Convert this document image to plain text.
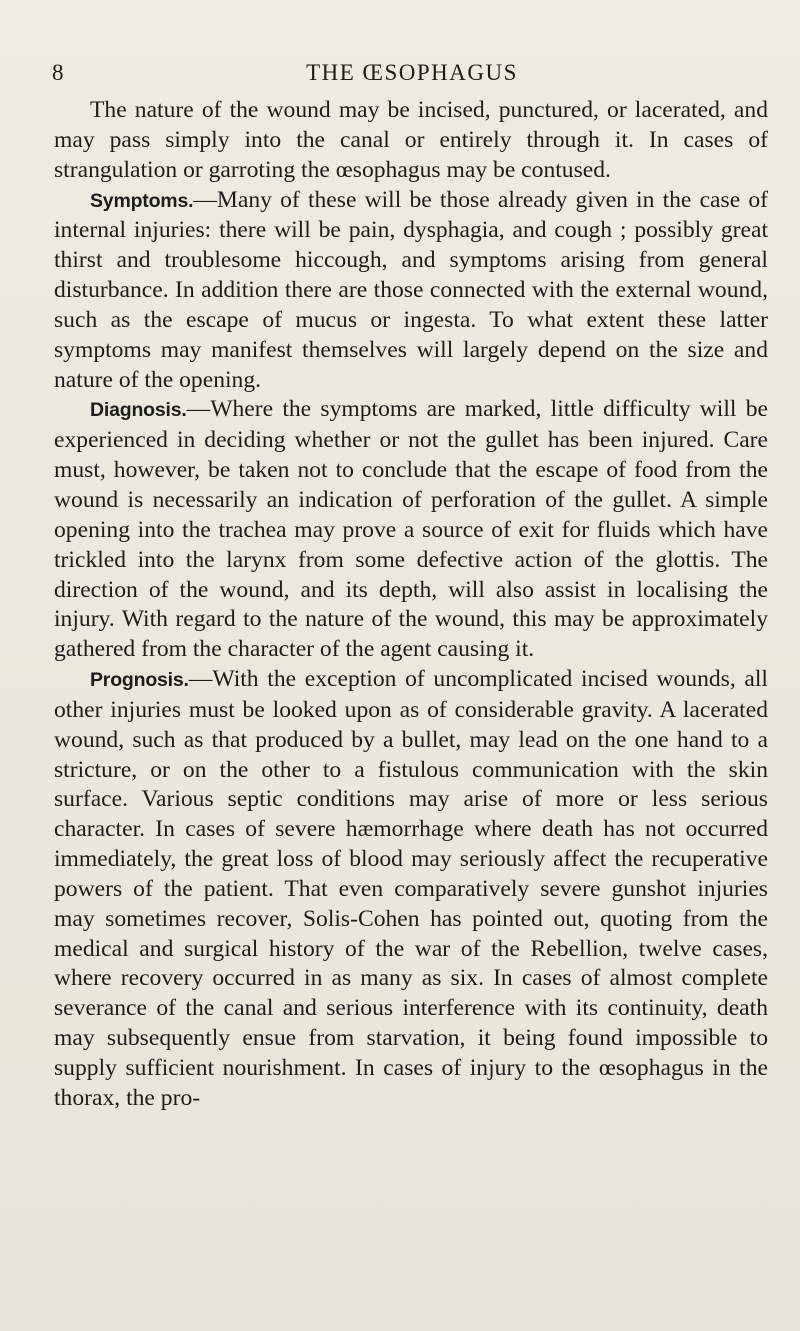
8	THE ŒSOPHAGUS

The nature of the wound may be incised, punctured, or lacerated, and may pass simply into the canal or entirely through it. In cases of strangulation or garroting the œsophagus may be contused.

Symptoms.—Many of these will be those already given in the case of internal injuries: there will be pain, dysphagia, and cough ; possibly great thirst and troublesome hiccough, and symptoms arising from general disturbance. In addition there are those connected with the external wound, such as the escape of mucus or ingesta. To what extent these latter symptoms may manifest themselves will largely depend on the size and nature of the opening.

Diagnosis.—Where the symptoms are marked, little difficulty will be experienced in deciding whether or not the gullet has been injured. Care must, however, be taken not to conclude that the escape of food from the wound is necessarily an indication of perforation of the gullet. A simple opening into the trachea may prove a source of exit for fluids which have trickled into the larynx from some defective action of the glottis. The direction of the wound, and its depth, will also assist in localising the injury. With regard to the nature of the wound, this may be approximately gathered from the character of the agent causing it.

Prognosis.—With the exception of uncomplicated incised wounds, all other injuries must be looked upon as of considerable gravity. A lacerated wound, such as that produced by a bullet, may lead on the one hand to a stricture, or on the other to a fistulous communication with the skin surface. Various septic conditions may arise of more or less serious character. In cases of severe hæmorrhage where death has not occurred immediately, the great loss of blood may seriously affect the recuperative powers of the patient. That even comparatively severe gunshot injuries may sometimes recover, Solis-Cohen has pointed out, quoting from the medical and surgical history of the war of the Rebellion, twelve cases, where recovery occurred in as many as six. In cases of almost complete severance of the canal and serious interference with its continuity, death may subsequently ensue from starvation, it being found impossible to supply sufficient nourishment. In cases of injury to the œsophagus in the thorax, the pro-
